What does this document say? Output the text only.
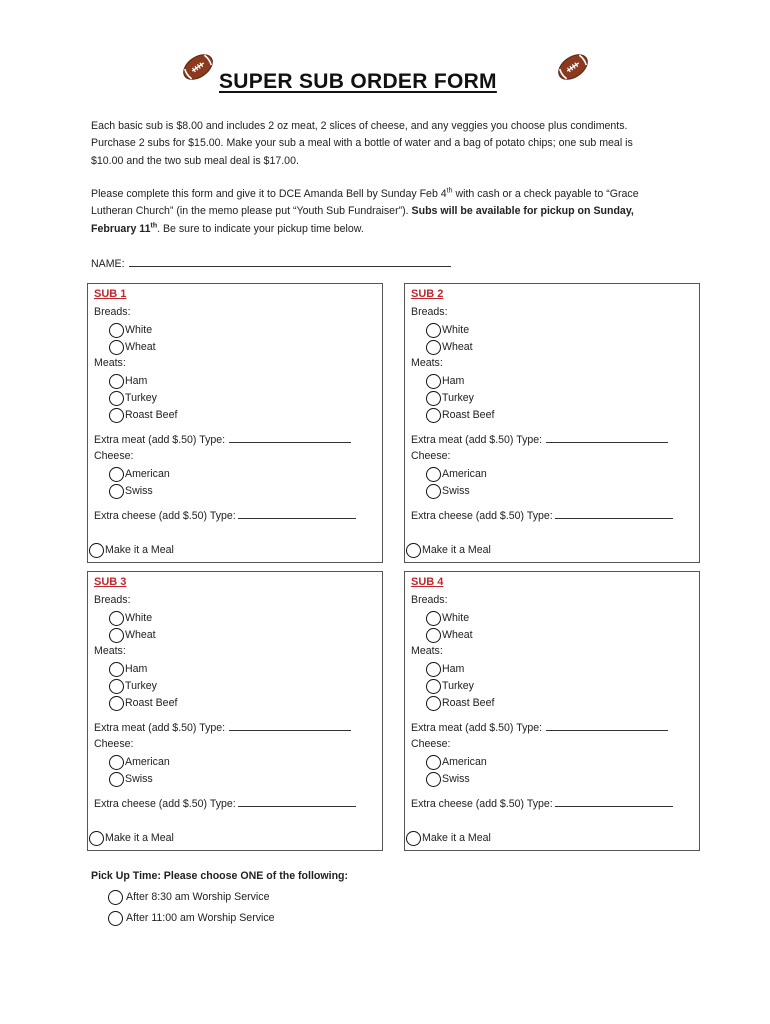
SUPER SUB ORDER FORM
Each basic sub is $8.00 and includes 2 oz meat, 2 slices of cheese, and any veggies you choose plus condiments.
Purchase 2 subs for $15.00. Make your sub a meal with a bottle of water and a bag of potato chips; one sub meal is
$10.00 and the two sub meal deal is $17.00.
Please complete this form and give it to DCE Amanda Bell by Sunday Feb 4th with cash or a check payable to “Grace
Lutheran Church” (in the memo please put “Youth Sub Fundraiser”). Subs will be available for pickup on Sunday,
February 11th. Be sure to indicate your pickup time below.
NAME:
SUB 1
Breads:
White
Wheat
Meats:
Ham
Turkey
Roast Beef
Extra meat (add $.50) Type:
Cheese:
American
Swiss
Extra cheese (add $.50) Type:
Make it a Meal
SUB 2
Breads:
White
Wheat
Meats:
Ham
Turkey
Roast Beef
Extra meat (add $.50) Type:
Cheese:
American
Swiss
Extra cheese (add $.50) Type:
Make it a Meal
SUB 3
Breads:
White
Wheat
Meats:
Ham
Turkey
Roast Beef
Extra meat (add $.50) Type:
Cheese:
American
Swiss
Extra cheese (add $.50) Type:
Make it a Meal
SUB 4
Breads:
White
Wheat
Meats:
Ham
Turkey
Roast Beef
Extra meat (add $.50) Type:
Cheese:
American
Swiss
Extra cheese (add $.50) Type:
Make it a Meal
Pick Up Time: Please choose ONE of the following:
After 8:30 am Worship Service
After 11:00 am Worship Service
